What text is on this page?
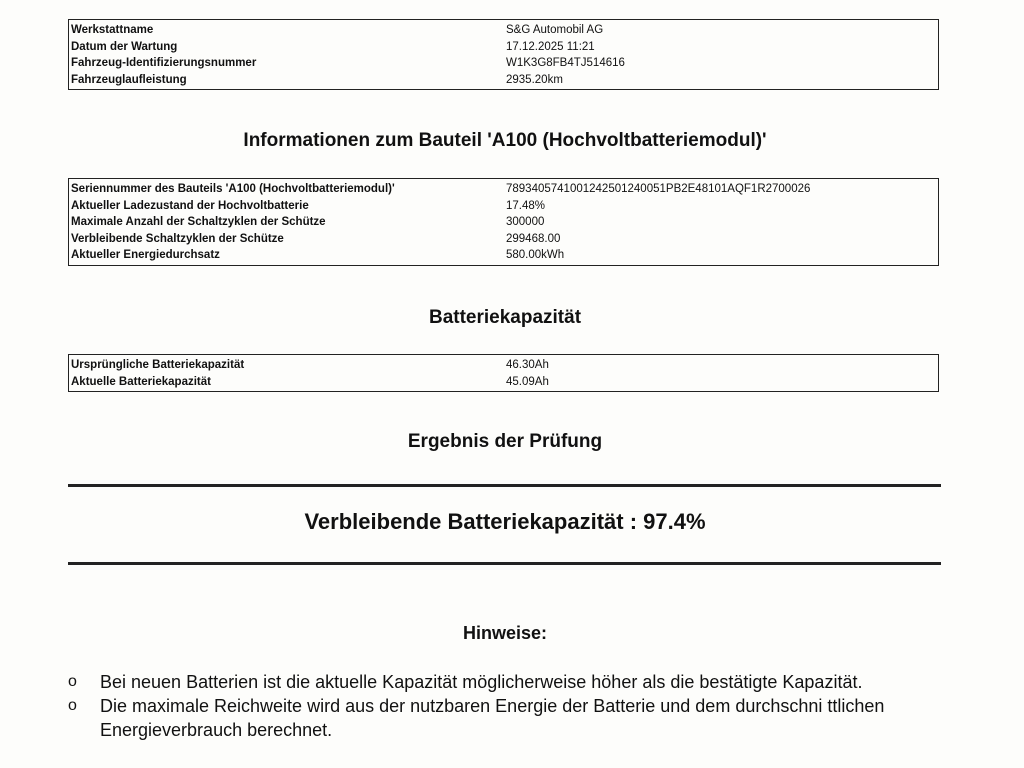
Werkstattname	S&G Automobil AG
Datum der Wartung	17.12.2025 11:21
Fahrzeug-Identifizierungsnummer	W1K3G8FB4TJ514616
Fahrzeuglaufleistung	2935.20km
Informationen zum Bauteil 'A100 (Hochvoltbatteriemodul)'
Seriennummer des Bauteils 'A100 (Hochvoltbatteriemodul)'	7893405741001242501240051PB2E48101AQF1R2700026
Aktueller Ladezustand der Hochvoltbatterie	17.48%
Maximale Anzahl der Schaltzyklen der Schütze	300000
Verbleibende Schaltzyklen der Schütze	299468.00
Aktueller Energiedurchsatz	580.00kWh
Batteriekapazität
Ursprüngliche Batteriekapazität	46.30Ah
Aktuelle Batteriekapazität	45.09Ah
Ergebnis der Prüfung
Verbleibende Batteriekapazität : 97.4%
Hinweise:
o Bei neuen Batterien ist die aktuelle Kapazität möglicherweise höher als die bestätigte Kapazität.
o Die maximale Reichweite wird aus der nutzbaren Energie der Batterie und dem durchschni ttlichen Energieverbrauch berechnet.
